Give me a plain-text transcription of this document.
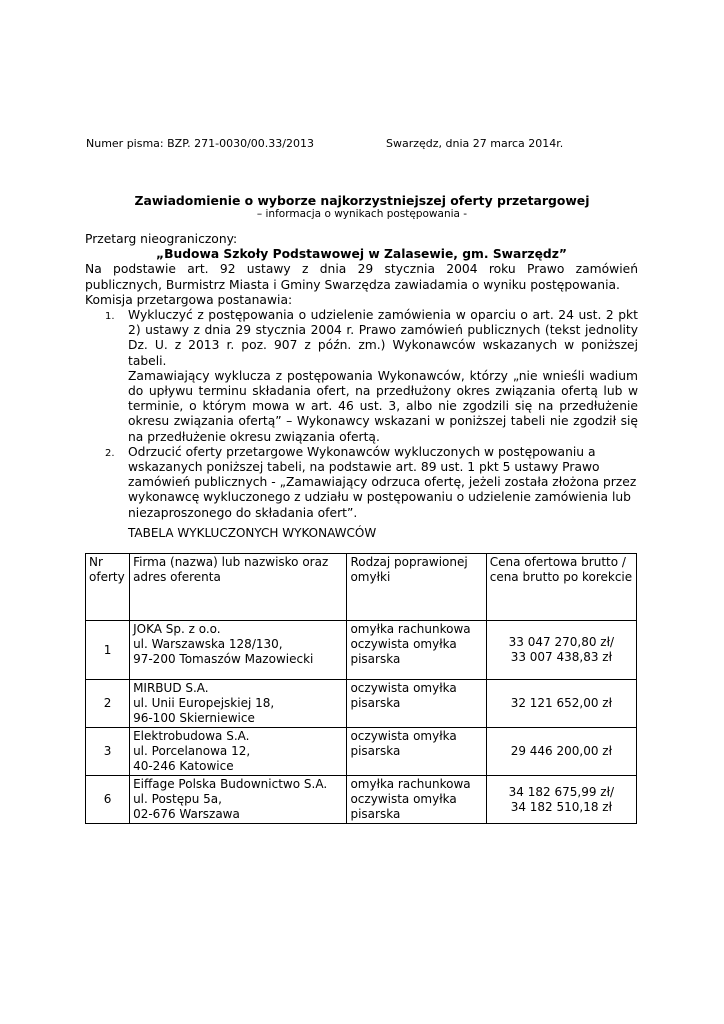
Numer pisma: BZP. 271-0030/00.33/2013	Swarzędz, dnia 27 marca 2014r.
Zawiadomienie o wyborze najkorzystniejszej oferty przetargowej
– informacja o wynikach postępowania -

Przetarg nieograniczony:

„Budowa Szkoły Podstawowej w Zalasewie, gm. Swarzędz”

Na podstawie art. 92 ustawy z dnia 29 stycznia 2004 roku Prawo zamówień

publicznych, Burmistrz Miasta i Gminy Swarzędza zawiadamia o wyniku postępowania.

Komisja przetargowa postanawia:

1. Wykluczyć z postępowania o udzielenie zamówienia w oparciu o art. 24 ust. 2 pkt 2) ustawy z dnia 29 stycznia 2004 r. Prawo zamówień publicznych (tekst jednolity Dz. U. z 2013 r. poz. 907 z późn. zm.) Wykonawców wskazanych w poniższej tabeli.

Zamawiający wyklucza z postępowania Wykonawców, którzy „nie wnieśli wadium do upływu terminu składania ofert, na przedłużony okres związania ofertą lub w terminie, o którym mowa w art. 46 ust. 3, albo nie zgodzili się na przedłużenie okresu związania ofertą” – Wykonawcy wskazani w poniższej tabeli nie zgodził się na przedłużenie okresu związania ofertą.

2. Odrzucić oferty przetargowe Wykonawców wykluczonych w postępowaniu a wskazanych poniższej tabeli, na podstawie art. 89 ust. 1 pkt 5 ustawy Prawo zamówień publicznych - „Zamawiający odrzuca ofertę, jeżeli została złożona przez wykonawcę wykluczonego z udziału w postępowaniu o udzielenie zamówienia lub niezaproszonego do składania ofert”.

TABELA WYKLUCZONYCH WYKONAWCÓW
Nr oferty	Firma (nazwa) lub nazwisko oraz adres oferenta	Rodzaj poprawionej omyłki	Cena ofertowa brutto / cena brutto po korekcie
1	JOKA Sp. z o.o.
ul. Warszawska 128/130,
97-200 Tomaszów Mazowiecki	omyłka rachunkowa
oczywista omyłka
pisarska	33 047 270,80 zł/
33 007 438,83 zł

2	MIRBUD S.A.
ul. Unii Europejskiej 18,
96-100 Skierniewice	oczywista omyłka
pisarska	32 121 652,00 zł

3	Elektrobudowa S.A.
ul. Porcelanowa 12,
40-246 Katowice	oczywista omyłka
pisarska	29 446 200,00 zł

6	Eiffage Polska Budownictwo S.A.
ul. Postępu 5a,
02-676 Warszawa	omyłka rachunkowa
oczywista omyłka
pisarska	34 182 675,99 zł/
34 182 510,18 zł
